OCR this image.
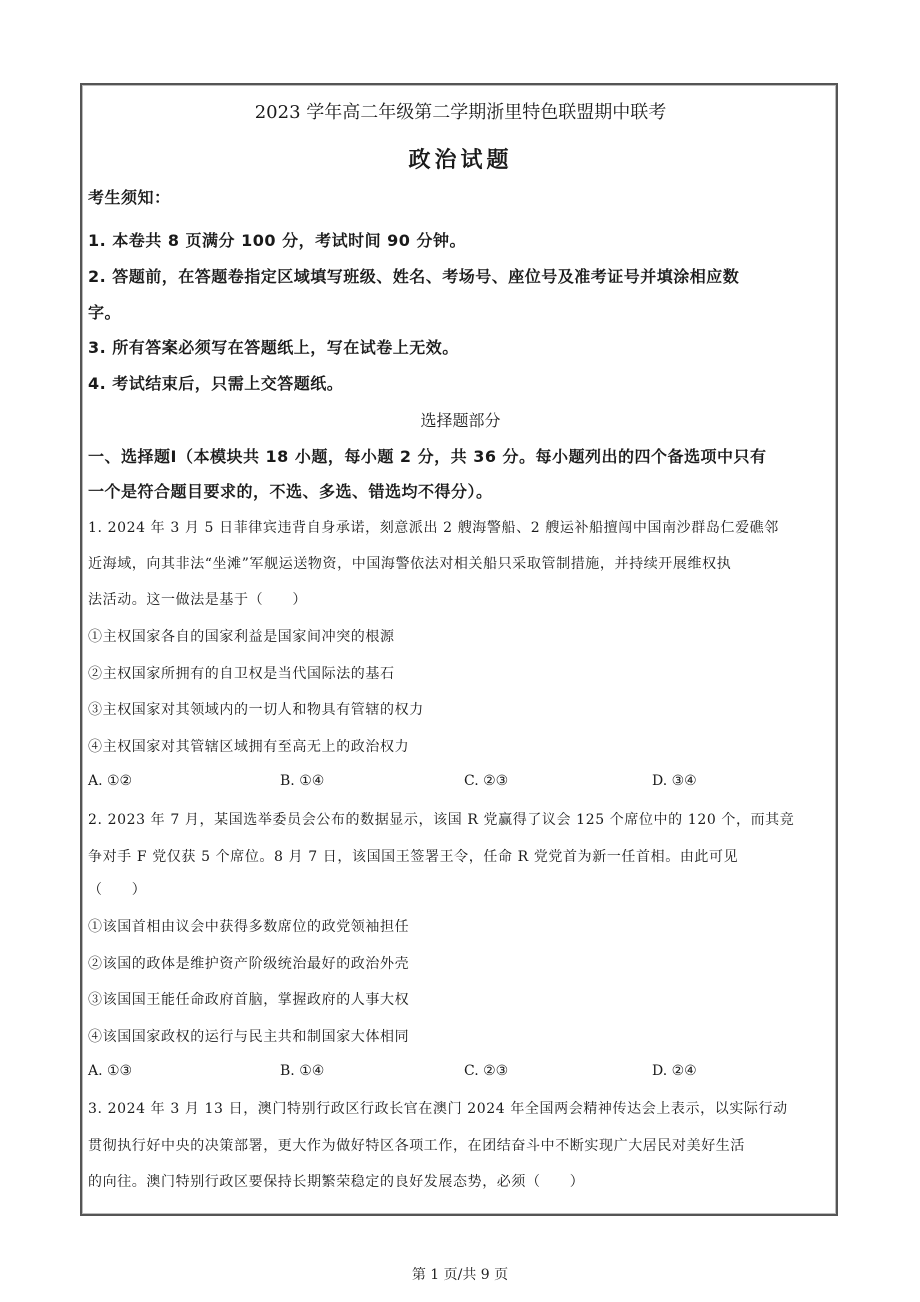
2023 学年高二年级第二学期浙里特色联盟期中联考
政治试题
考生须知：
1. 本卷共 8 页满分 100 分，考试时间 90 分钟。
2. 答题前，在答题卷指定区域填写班级、姓名、考场号、座位号及准考证号并填涂相应数
字。
3. 所有答案必须写在答题纸上，写在试卷上无效。
4. 考试结束后，只需上交答题纸。
选择题部分
一、选择题Ⅰ（本模块共 18 小题，每小题 2 分，共 36 分。每小题列出的四个备选项中只有
一个是符合题目要求的，不选、多选、错选均不得分）。
1. 2024 年 3 月 5 日菲律宾违背自身承诺，刻意派出 2 艘海警船、2 艘运补船擅闯中国南沙群岛仁爱礁邻
近海域，向其非法“坐滩”军舰运送物资，中国海警依法对相关船只采取管制措施，并持续开展维权执
法活动。这一做法是基于（　　）
①主权国家各自的国家利益是国家间冲突的根源
②主权国家所拥有的自卫权是当代国际法的基石
③主权国家对其领域内的一切人和物具有管辖的权力
④主权国家对其管辖区域拥有至高无上的政治权力
A. ①②	B. ①④	C. ②③	D. ③④
2. 2023 年 7 月，某国选举委员会公布的数据显示，该国 R 党赢得了议会 125 个席位中的 120 个，而其竞
争对手 F 党仅获 5 个席位。8 月 7 日，该国国王签署王令，任命 R 党党首为新一任首相。由此可见
（　　）
①该国首相由议会中获得多数席位的政党领袖担任
②该国的政体是维护资产阶级统治最好的政治外壳
③该国国王能任命政府首脑，掌握政府的人事大权
④该国国家政权的运行与民主共和制国家大体相同
A. ①③	B. ①④	C. ②③	D. ②④
3. 2024 年 3 月 13 日，澳门特别行政区行政长官在澳门 2024 年全国两会精神传达会上表示，以实际行动
贯彻执行好中央的决策部署，更大作为做好特区各项工作，在团结奋斗中不断实现广大居民对美好生活
的向往。澳门特别行政区要保持长期繁荣稳定的良好发展态势，必须（　　）
第 1 页/共 9 页
